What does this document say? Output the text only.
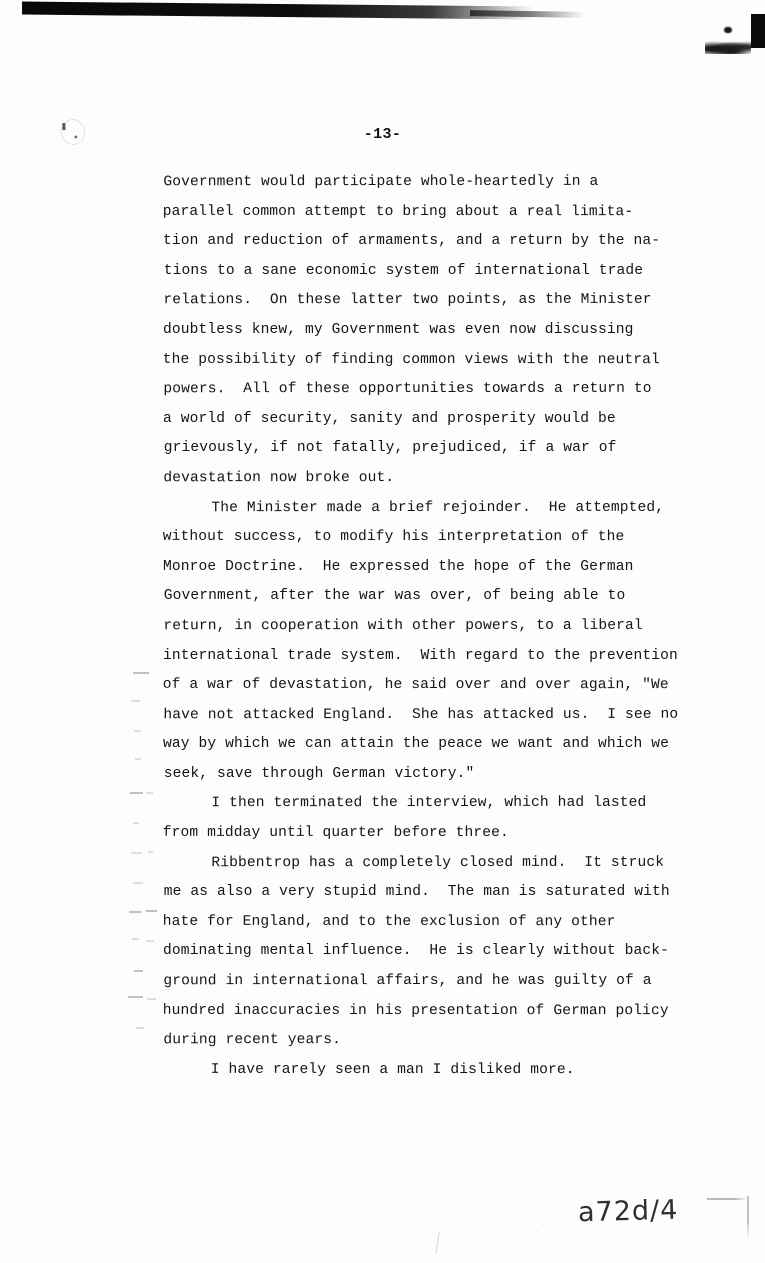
-13-
Government would participate whole-heartedly in a
parallel common attempt to bring about a real limita-
tion and reduction of armaments, and a return by the na-
tions to a sane economic system of international trade
relations.  On these latter two points, as the Minister
doubtless knew, my Government was even now discussing
the possibility of finding common views with the neutral
powers.  All of these opportunities towards a return to
a world of security, sanity and prosperity would be
grievously, if not fatally, prejudiced, if a war of
devastation now broke out.
The Minister made a brief rejoinder.  He attempted,
without success, to modify his interpretation of the
Monroe Doctrine.  He expressed the hope of the German
Government, after the war was over, of being able to
return, in cooperation with other powers, to a liberal
international trade system.  With regard to the prevention
of a war of devastation, he said over and over again, "We
have not attacked England.  She has attacked us.  I see no
way by which we can attain the peace we want and which we
seek, save through German victory."
I then terminated the interview, which had lasted
from midday until quarter before three.
Ribbentrop has a completely closed mind.  It struck
me as also a very stupid mind.  The man is saturated with
hate for England, and to the exclusion of any other
dominating mental influence.  He is clearly without back-
ground in international affairs, and he was guilty of a
hundred inaccuracies in his presentation of German policy
during recent years.
I have rarely seen a man I disliked more.
a72d/4
